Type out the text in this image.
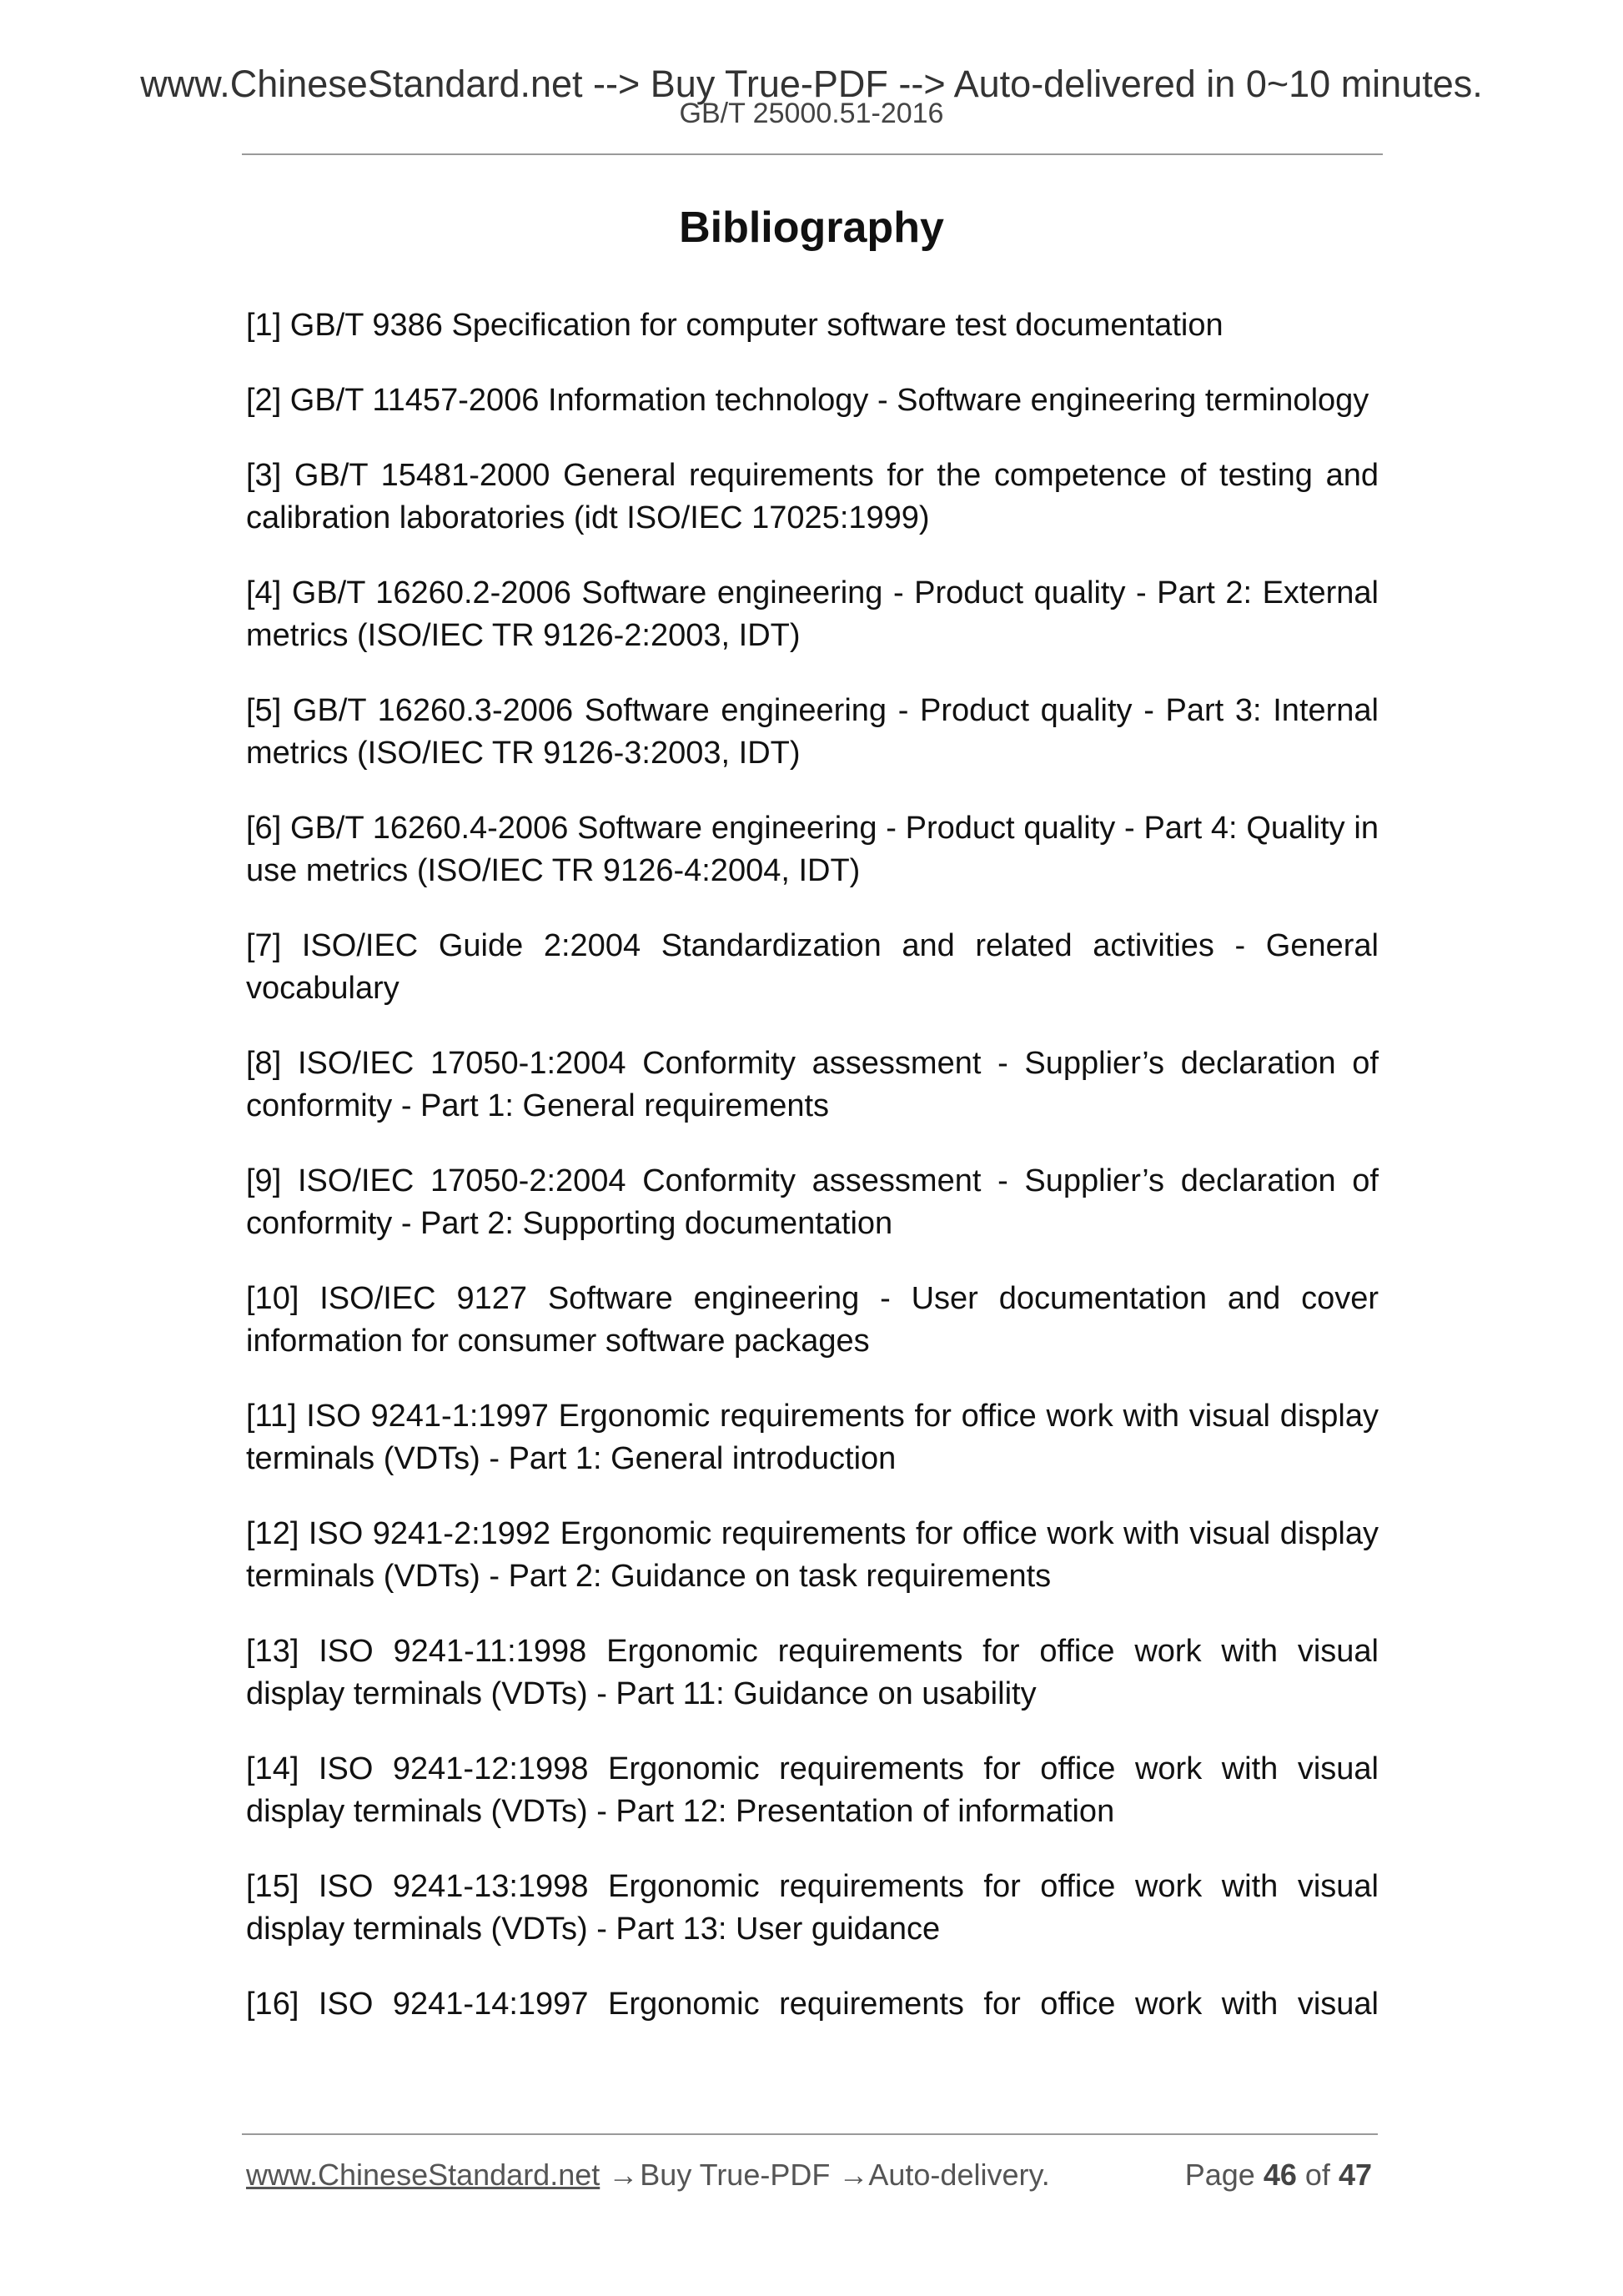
www.ChineseStandard.net --> Buy True-PDF --> Auto-delivered in 0~10 minutes.
GB/T 25000.51-2016
Bibliography
[1] GB/T 9386 Specification for computer software test documentation
[2] GB/T 11457-2006 Information technology - Software engineering terminology
[3] GB/T 15481-2000 General requirements for the competence of testing and calibration laboratories (idt ISO/IEC 17025:1999)
[4] GB/T 16260.2-2006 Software engineering - Product quality - Part 2: External metrics (ISO/IEC TR 9126-2:2003, IDT)
[5] GB/T 16260.3-2006 Software engineering - Product quality - Part 3: Internal metrics (ISO/IEC TR 9126-3:2003, IDT)
[6] GB/T 16260.4-2006 Software engineering - Product quality - Part 4: Quality in use metrics (ISO/IEC TR 9126-4:2004, IDT)
[7] ISO/IEC Guide 2:2004 Standardization and related activities - General vocabulary
[8] ISO/IEC 17050-1:2004 Conformity assessment - Supplier’s declaration of conformity - Part 1: General requirements
[9] ISO/IEC 17050-2:2004 Conformity assessment - Supplier’s declaration of conformity - Part 2: Supporting documentation
[10] ISO/IEC 9127 Software engineering - User documentation and cover information for consumer software packages
[11] ISO 9241-1:1997 Ergonomic requirements for office work with visual display terminals (VDTs) - Part 1: General introduction
[12] ISO 9241-2:1992 Ergonomic requirements for office work with visual display terminals (VDTs) - Part 2: Guidance on task requirements
[13] ISO 9241-11:1998 Ergonomic requirements for office work with visual display terminals (VDTs) - Part 11: Guidance on usability
[14] ISO 9241-12:1998 Ergonomic requirements for office work with visual display terminals (VDTs) - Part 12: Presentation of information
[15] ISO 9241-13:1998 Ergonomic requirements for office work with visual display terminals (VDTs) - Part 13: User guidance
[16] ISO 9241-14:1997 Ergonomic requirements for office work with visual
www.ChineseStandard.net → Buy True-PDF → Auto-delivery.	Page 46 of 47
